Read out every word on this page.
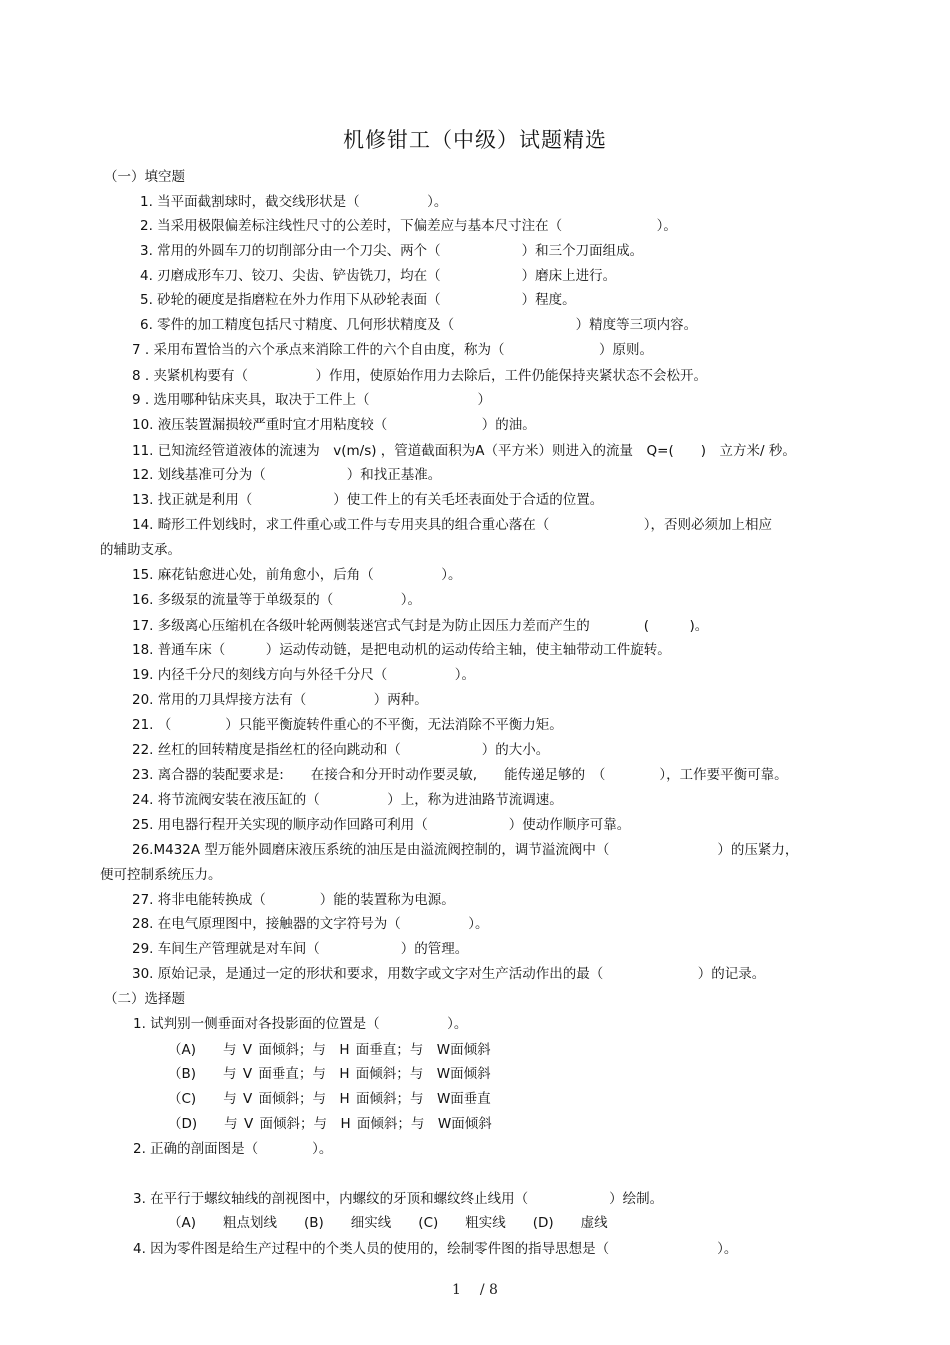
机修钳工（中级）试题精选
（一）填空题
1. 当平面截割球时，截交线形状是（　　　　　）。
2. 当采用极限偏差标注线性尺寸的公差时，下偏差应与基本尺寸注在（　　　　　　　）。
3. 常用的外圆车刀的切削部分由一个刀尖、两个（　　　　　　）和三个刀面组成。
4. 刃磨成形车刀、铰刀、尖齿、铲齿铣刀，均在（　　　　　　）磨床上进行。
5. 砂轮的硬度是指磨粒在外力作用下从砂轮表面（　　　　　　）程度。
6. 零件的加工精度包括尺寸精度、几何形状精度及（　　　　　　　　　）精度等三项内容。
7 . 采用布置恰当的六个承点来消除工件的六个自由度，称为（　　　　　　　）原则。
8 . 夹紧机构要有（　　　　　）作用，使原始作用力去除后，工件仍能保持夹紧状态不会松开。
9 . 选用哪种钻床夹具，取决于工件上（　　　　　　　　）
10. 液压装置漏损较严重时宜才用粘度较（　　　　　　　）的油。
11. 已知流经管道液体的流速为　v(m/s) ，管道截面积为A（平方米）则进入的流量　Q=(　　)　立方米/ 秒。
12. 划线基准可分为（　　　　　　）和找正基准。
13. 找正就是利用（　　　　　　）使工件上的有关毛坯表面处于合适的位置。
14. 畸形工件划线时，求工件重心或工件与专用夹具的组合重心落在（　　　　　　　），否则必须加上相应
的辅助支承。
15. 麻花钻愈进心处，前角愈小，后角（　　　　　）。
16. 多级泵的流量等于单级泵的（　　　　　）。
17. 多级离心压缩机在各级叶轮两侧装迷宫式气封是为防止因压力差而产生的　　　　(　　　)。
18. 普通车床（　　　）运动传动链，是把电动机的运动传给主轴，使主轴带动工件旋转。
19. 内径千分尺的刻线方向与外径千分尺（　　　　　）。
20. 常用的刀具焊接方法有（　　　　　）两种。
21. （　　　　）只能平衡旋转件重心的不平衡，无法消除不平衡力矩。
22. 丝杠的回转精度是指丝杠的径向跳动和（　　　　　　）的大小。
23. 离合器的装配要求是:　　在接合和分开时动作要灵敏,　　能传递足够的　（　　　　），工作要平衡可靠。
24. 将节流阀安装在液压缸的（　　　　　）上，称为进油路节流调速。
25. 用电器行程开关实现的顺序动作回路可利用（　　　　　　）使动作顺序可靠。
26.M432A 型万能外圆磨床液压系统的油压是由溢流阀控制的，调节溢流阀中（　　　　　　　　）的压紧力，
便可控制系统压力。
27. 将非电能转换成（　　　　）能的装置称为电源。
28. 在电气原理图中，接触器的文字符号为（　　　　　）。
29. 车间生产管理就是对车间（　　　　　　）的管理。
30. 原始记录，是通过一定的形状和要求，用数字或文字对生产活动作出的最（　　　　　　　）的记录。
（二）选择题
1. 试判别一侧垂面对各投影面的位置是（　　　　　）。
（A)　　与 V 面倾斜；与　H 面垂直；与　W面倾斜
（B)　　与 V 面垂直；与　H 面倾斜；与　W面倾斜
（C)　　与 V 面倾斜；与　H 面倾斜；与　W面垂直
（D)　　与 V 面倾斜；与　H 面倾斜；与　W面倾斜
2. 正确的剖面图是（　　　　）。
3. 在平行于螺纹轴线的剖视图中，内螺纹的牙顶和螺纹终止线用（　　　　　　）绘制。
（A)　　粗点划线　　(B)　　细实线　　(C)　　粗实线　　(D)　　虚线
4. 因为零件图是给生产过程中的个类人员的使用的，绘制零件图的指导思想是（　　　　　　　　）。
1 / 8
